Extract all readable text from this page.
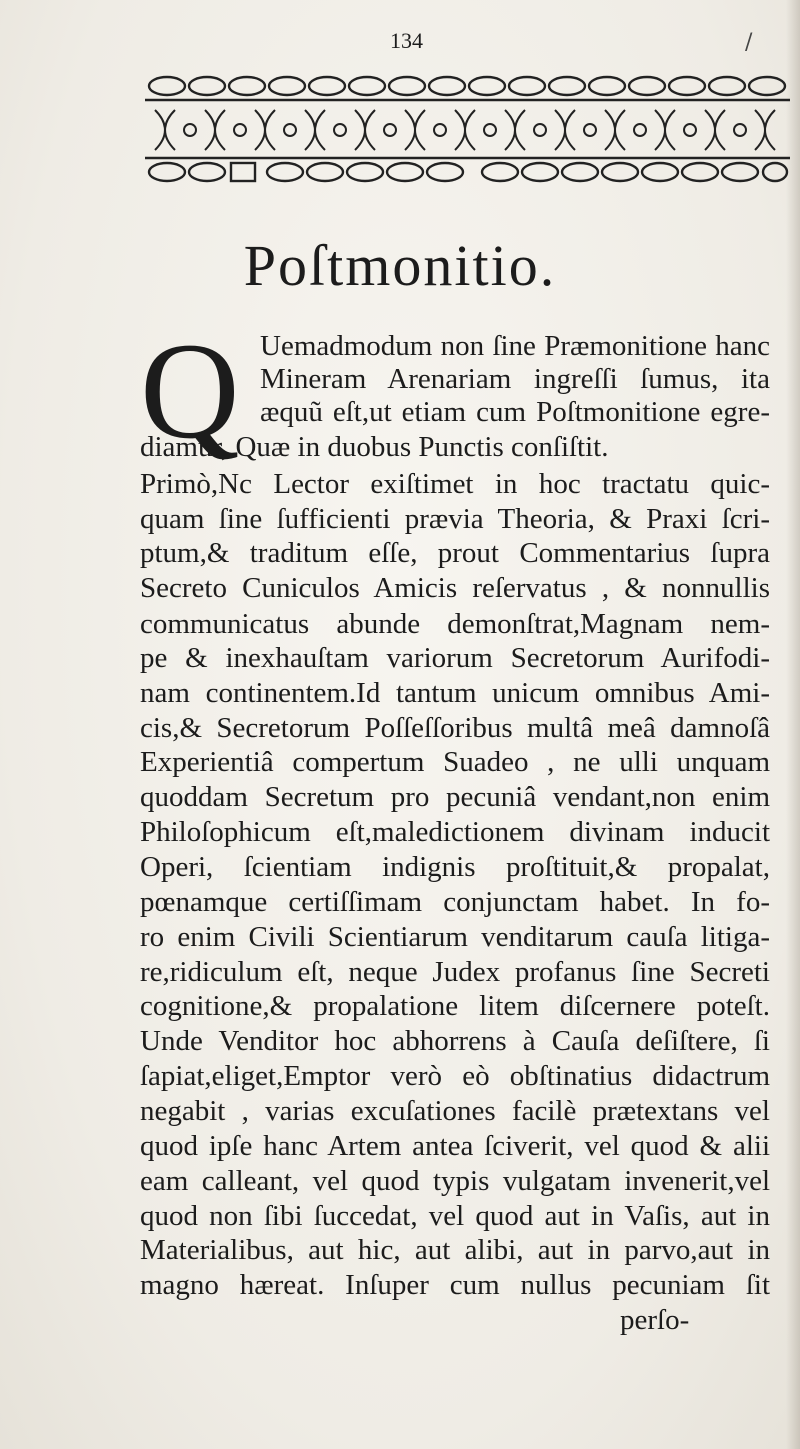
134	/
Poſtmonitio.
Q Uemadmodum non ſine Præmonitione hanc
Mineram Arenariam ingreſſi ſumus, ita
æquũ eſt,ut etiam cum Poſtmonitione egre-
diamur, Quæ in duobus Punctis conſiſtit.
Primò,Nc Lector exiſtimet in hoc tractatu quic-
quam ſine ſufficienti prævia Theoria, & Praxi ſcri-
ptum,& traditum eſſe, prout Commentarius ſupra
Secreto Cuniculos Amicis reſervatus , & nonnullis
communicatus abunde demonſtrat,Magnam nem-
pe & inexhauſtam variorum Secretorum Aurifodi-
nam continentem.Id tantum unicum omnibus Ami-
cis,& Secretorum Poſſeſſoribus multâ meâ damnoſâ
Experientiâ compertum Suadeo , ne ulli unquam
quoddam Secretum pro pecuniâ vendant,non enim
Philoſophicum eſt,maledictionem divinam inducit
Operi, ſcientiam indignis proſtituit,& propalat,
pœnamque certiſſimam conjunctam habet. In fo-
ro enim Civili Scientiarum venditarum cauſa litiga-
re,ridiculum eſt, neque Judex profanus ſine Secreti
cognitione,& propalatione litem diſcernere poteſt.
Unde Venditor hoc abhorrens à Cauſa deſiſtere, ſi
ſapiat,eliget,Emptor verò eò obſtinatius didactrum
negabit , varias excuſationes facilè prætextans vel
quod ipſe hanc Artem antea ſciverit, vel quod & alii
eam calleant, vel quod typis vulgatam invenerit,vel
quod non ſibi ſuccedat, vel quod aut in Vaſis, aut in
Materialibus, aut hic, aut alibi, aut in parvo,aut in
magno hæreat. Inſuper cum nullus pecuniam ſit
perſo-
